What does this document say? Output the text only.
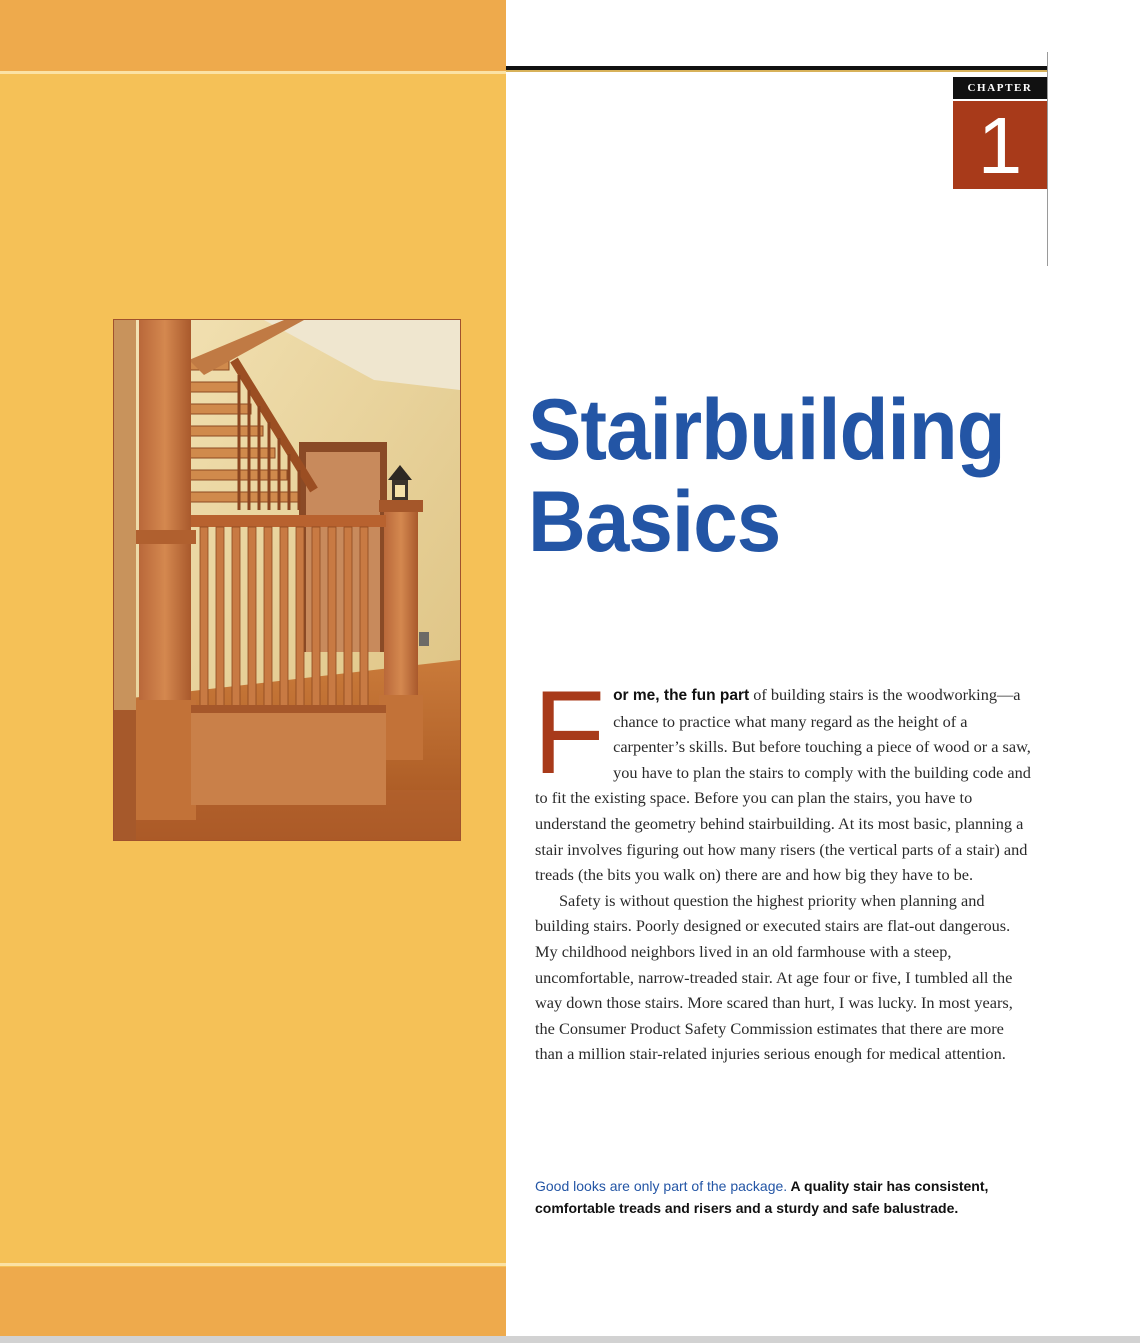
CHAPTER
1
Stairbuilding
Basics

For me, the fun part of building stairs is the woodworking—a chance to practice what many regard as the height of a carpenter’s skills. But before touching a piece of wood or a saw, you have to plan the stairs to comply with the building code and to fit the existing space. Before you can plan the stairs, you have to understand the geometry behind stairbuilding. At its most basic, planning a stair involves figuring out how many risers (the vertical parts of a stair) and treads (the bits you walk on) there are and how big they have to be.

Safety is without question the highest priority when planning and building stairs. Poorly designed or executed stairs are flat-out dangerous. My childhood neighbors lived in an old farmhouse with a steep, uncomfortable, narrow-treaded stair. At age four or five, I tumbled all the way down those stairs. More scared than hurt, I was lucky. In most years, the Consumer Product Safety Commission estimates that there are more than a million stair-related injuries serious enough for medical attention.

Good looks are only part of the package. A quality stair has consistent, comfortable treads and risers and a sturdy and safe balustrade.
